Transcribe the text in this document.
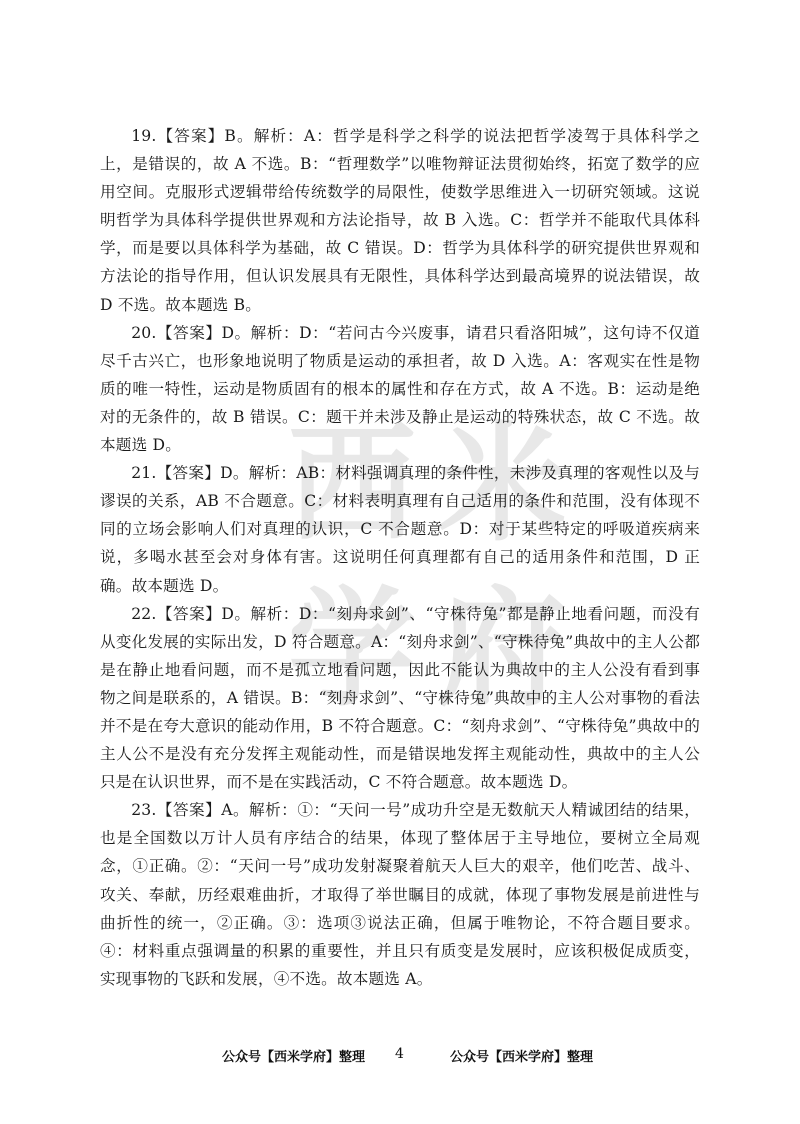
西 米
学 府

19.【答案】B。解析：A：哲学是科学之科学的说法把哲学凌驾于具体科学之上，是错误的，故 A 不选。B：“哲理数学”以唯物辩证法贯彻始终，拓宽了数学的应用空间。克服形式逻辑带给传统数学的局限性，使数学思维进入一切研究领域。这说明哲学为具体科学提供世界观和方法论指导，故 B 入选。C：哲学并不能取代具体科学，而是要以具体科学为基础，故 C 错误。D：哲学为具体科学的研究提供世界观和方法论的指导作用，但认识发展具有无限性，具体科学达到最高境界的说法错误，故 D 不选。故本题选 B。

20.【答案】D。解析：D：“若问古今兴废事，请君只看洛阳城”，这句诗不仅道尽千古兴亡，也形象地说明了物质是运动的承担者，故 D 入选。A：客观实在性是物质的唯一特性，运动是物质固有的根本的属性和存在方式，故 A 不选。B：运动是绝对的无条件的，故 B 错误。C：题干并未涉及静止是运动的特殊状态，故 C 不选。故本题选 D。

21.【答案】D。解析：AB：材料强调真理的条件性，未涉及真理的客观性以及与谬误的关系，AB 不合题意。C：材料表明真理有自己适用的条件和范围，没有体现不同的立场会影响人们对真理的认识，C 不合题意。D：对于某些特定的呼吸道疾病来说，多喝水甚至会对身体有害。这说明任何真理都有自己的适用条件和范围，D 正确。故本题选 D。

22.【答案】D。解析：D：“刻舟求剑”、“守株待兔”都是静止地看问题，而没有从变化发展的实际出发，D 符合题意。A：“刻舟求剑”、“守株待兔”典故中的主人公都是在静止地看问题，而不是孤立地看问题，因此不能认为典故中的主人公没有看到事物之间是联系的，A 错误。B：“刻舟求剑”、“守株待兔”典故中的主人公对事物的看法并不是在夸大意识的能动作用，B 不符合题意。C：“刻舟求剑”、“守株待兔”典故中的主人公不是没有充分发挥主观能动性，而是错误地发挥主观能动性，典故中的主人公只是在认识世界，而不是在实践活动，C 不符合题意。故本题选 D。

23.【答案】A。解析：①：“天问一号”成功升空是无数航天人精诚团结的结果，也是全国数以万计人员有序结合的结果，体现了整体居于主导地位，要树立全局观念，①正确。②：“天问一号”成功发射凝聚着航天人巨大的艰辛，他们吃苦、战斗、攻关、奉献，历经艰难曲折，才取得了举世瞩目的成就，体现了事物发展是前进性与曲折性的统一，②正确。③：选项③说法正确，但属于唯物论，不符合题目要求。④：材料重点强调量的积累的重要性，并且只有质变是发展时，应该积极促成质变，实现事物的飞跃和发展，④不选。故本题选 A。

公众号【西米学府】整理 4	公众号【西米学府】整理
